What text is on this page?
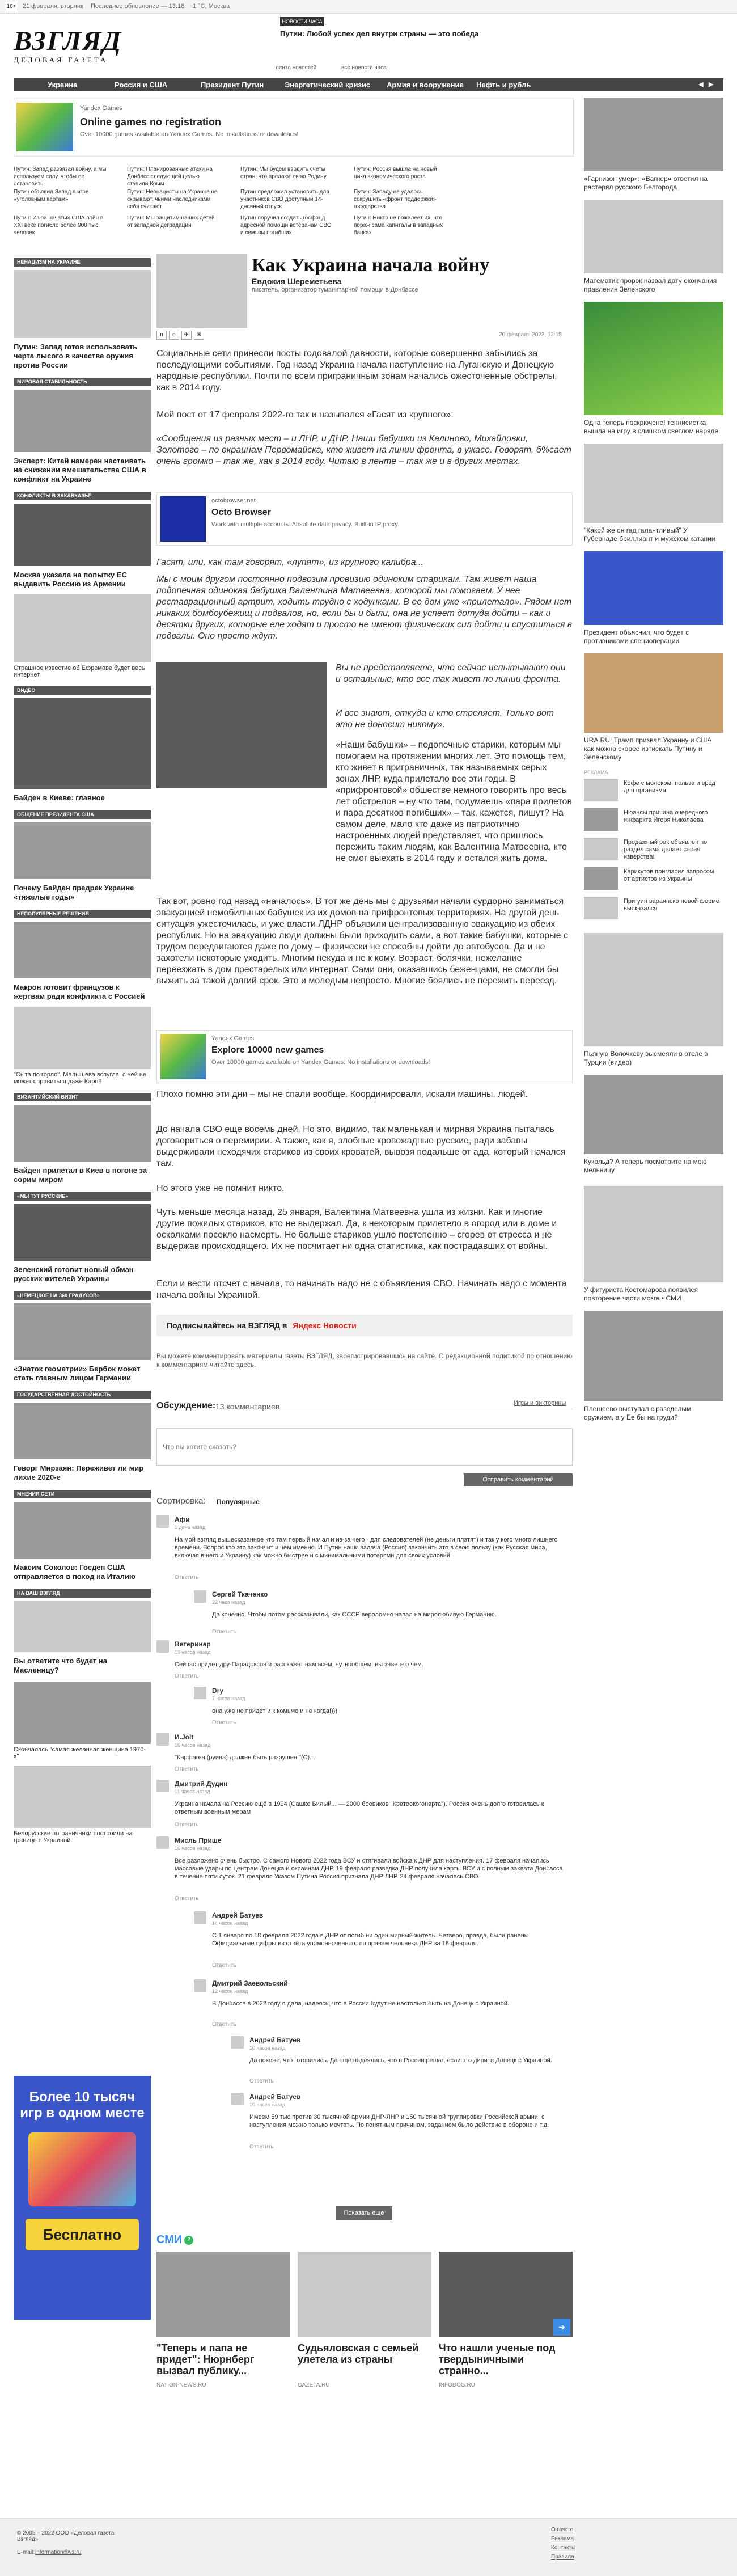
18+	21 февраля, вторник Последнее обновление — 13:18 1 °C, Москва
ВЗГЛЯД
ДЕЛОВАЯ ГАЗЕТА
НОВОСТИ ЧАСА
Путин: Любой успех дел внутри страны — это победа
лента новостей	все новости часа
Украина	Россия и США	Президент Путин	Энергетический кризис Армия и вооружение Нефть и рубль	◀ ▶
Yandex Games
Online games no registration
Over 10000 games available on Yandex Games. No installations or downloads!
Путин: Запад развязал войну, а мы используем силу, чтобы ее остановить
Путин: Планированные атаки на Донбасс следующей целью ставили Крым
Путин: Мы будем вводить счеты стран, что предают свою Родину
Путин: Россия вышла на новый цикл экономического роста
Путин объявил Запад в игре «уголовным картам»
Путин: Неонацисты на Украине не скрывают, чьими наследниками себя считают
Путин предложил установить для участников СВО доступный 14-дневный отпуск
Путин: Западу не удалось сокрушить «фронт поддержки» государства
Путин: Из-за начатых США войн в XXI веке погибло более 900 тыс. человек
Путин: Мы защитим наших детей от западной деградации
Путин поручил создать госфонд адресной помощи ветеранам СВО и семьям погибших
Путин: Никто не пожалеет их, что пораж сама капиталы в западных банках
НЕНАЦИЗМ НА УКРАИНЕ
Путин: Запад готов использовать черта лысого в качестве оружия против России
МИРОВАЯ СТАБИЛЬНОСТЬ
Эксперт: Китай намерен настаивать на снижении вмешательства США в конфликт на Украине
КОНФЛИКТЫ В ЗАКАВКАЗЬЕ
Москва указала на попытку ЕС выдавить Россию из Армении
Страшное известие об Ефремове будет весь интернет
ВИДЕО
Байден в Киеве: главное
ОБЩЕНИЕ ПРЕЗИДЕНТА США
Почему Байден предрек Украине «тяжелые годы»
НЕПОПУЛЯРНЫЕ РЕШЕНИЯ
Макрон готовит французов к жертвам ради конфликта с Россией
"Сыта по горло". Малышева вспугла, с ней не может справиться даже Карп!!
ВИЗАНТИЙСКИЙ ВИЗИТ
Байден прилетал в Киев в погоне за сорим миром
«МЫ ТУТ РУССКИЕ»
Зеленский готовит новый обман русских жителей Украины
«НЕМЕЦКОЕ НА 360 ГРАДУСОВ»
«Знаток геометрии» Бербок может стать главным лицом Германии
ГОСУДАРСТВЕННАЯ ДОСТОЙНОСТЬ
Геворг Мирзаян: Переживет ли мир лихие 2020-е
МНЕНИЯ СЕТИ
Максим Соколов: Госдеп США отправляется в поход на Италию
НА ВАШ ВЗГЛЯД
Вы ответите что будет на Масленицу?
Скончалась "самая желанная женщина 1970-х"
Белорусские пограничники построили на границе с Украиной
Более 10 тысяч
игр в одном месте
Бесплатно
Как Украина начала войну
Евдокия Шереметьева
писатель, организатор гуманитарной помощи в Донбассе
20 февраля 2023, 12:15
в о ✈ ✉
Социальные сети принесли посты годовалой давности, которые совершенно забылись за последующими событиями. Год назад Украина начала наступление на Луганскую и Донецкую народные республики. Почти по всем приграничным зонам начались ожесточенные обстрелы, как в 2014 году.
Мой пост от 17 февраля 2022-го так и назывался «Гасят из крупного»:
«Сообщения из разных мест – и ЛНР, и ДНР. Наши бабушки из Калиново, Михайловки, Золотого – по окраинам Первомайска, кто живет на линии фронта, в ужасе. Говорят, б%сает очень громко – так же, как в 2014 году. Читаю в ленте – так же и в других местах.
octobrowser.net
Octo Browser
Work with multiple accounts. Absolute data privacy. Built-in IP proxy.
Гасят, или, как там говорят, «лупят», из крупного калибра...
Мы с моим другом постоянно подвозим провизию одиноким старикам. Там живет наша подопечная одинокая бабушка Валентина Матвеевна, которой мы помогаем. У нее реставрационный артрит, ходить трудно с ходунками. В ее дом уже «прилетало». Рядом нет никаких бомбоубежищ и подвалов, но, если бы и были, она не успеет дотуда дойти – как и десятки других, которые еле ходят и просто не имеют физических сил дойти и спуститься в подвалы. Оно просто ждут.
Вы не представляете, что сейчас испытывают они и остальные, кто все так живет по линии фронта.
И все знают, откуда и кто стреляет. Только вот это не доносит никому».
«Наши бабушки» – подопечные старики, которым мы помогаем на протяжении многих лет. Это помощь тем, кто живет в приграничных, так называемых серых зонах ЛНР, куда прилетало все эти годы. В «прифронтовой» обшестве немного говорить про весь лет обстрелов – ну что там, подумаешь «пара прилетов и пара десятков погибших» – так, кажется, пишут? На самом деле, мало кто даже из патриотично настроенных людей представляет, что пришлось пережить таким людям, как Валентина Матвеевна, кто не смог выехать в 2014 году и остался жить дома.
Так вот, ровно год назад «началось». В тот же день мы с друзьями начали сурдорно заниматься эвакуацией немобильных бабушек из их домов на прифронтовых территориях. На другой день ситуация ужесточилась, и уже власти ЛДНР объявили централизованную эвакуацию из обеих республик. Но на эвакуацию люди должны были приходить сами, а вот такие бабушки, которые с трудом передвигаются даже по дому – физически не способны дойти до автобусов. Да и не захотели некоторые уходить. Многим некуда и не к кому. Возраст, болячки, нежелание переезжать в дом престарелых или интернат. Сами они, оказавшись беженцами, не смогли бы выжить за такой долгий срок. Это и молодым непросто. Многие боялись не пережить переезд.
Yandex Games
Explore 10000 new games
Over 10000 games available on Yandex Games. No installations or downloads!
Плохо помню эти дни – мы не спали вообще. Координировали, искали машины, людей.
До начала СВО еще восемь дней. Но это, видимо, так маленькая и мирная Украина пыталась договориться о перемирии. А также, как я, злобные кровожадные русские, ради забавы выдерживали неходячих стариков из своих кроватей, вывозя подальше от ада, который начался там.
Но этого уже не помнит никто.
Чуть меньше месяца назад, 25 января, Валентина Матвеевна ушла из жизни. Как и многие другие пожилых стариков, кто не выдержал. Да, к некоторым прилетело в огород или в доме и осколками посекло насмерть. Но больше стариков ушло постепенно – сгорев от стресса и не выдержав происходящего. Их не посчитает ни одна статистика, как пострадавших от войны.
Если и вести отсчет с начала, то начинать надо не с объявления СВО. Начинать надо с момента начала войны Украиной.
Подписывайтесь на ВЗГЛЯД в Яндекс Новости
Вы можете комментировать материалы газеты ВЗГЛЯД, зарегистрировавшись на сайте. С редакционной политикой по отношению к комментариям читайте здесь.
Обсуждение: 13 комментариев	Игры и викторины
Что вы хотите сказать?
Отправить комментарий
Сортировка: Популярные
Афи
1 день назад
На мой взгляд вышесказанное кто там первый начал и из-за чего - для следователей (не деньги платят) и так у кого много лишнего времени. Вопрос кто это закончит и чем именно. И Путин наши задача (Россия) закончить это в свою пользу (как Русская мира, включая в него и Украину) как можно быстрее и с минимальными потерями для своих условий.
Ответить
Сергей Ткаченко
22 часа назад
Да конечно. Чтобы потом рассказывали, как СССР вероломно напал на миролюбивую Германию.
Ответить
Ветеринар
19 часов назад
Сейчас придет дру-Парадоксов и расскажет нам всем, ну, вообщем, вы знаете о чем.
Ответить
Dry
7 часов назад
она уже не придет и к комьмо и не когда!)))
Ответить
И.Jolt
16 часов назад
"Карфаген (руина) должен быть разрушен!"(С)...
Ответить
Дмитрий Дудин
11 часов назад
Украина начала на Россию ещё в 1994 (Сашко Билый... — 2000 боевиков "Кратоокогонарта"). Россия очень долго готовилась к ответным военным мерам
Ответить
Мисль Прише
16 часов назад
Все разложено очень быстро. С самого Нового 2022 года ВСУ и стягивали войска к ДНР для наступления. 17 февраля начались массовые удары по центрам Донецка и окраинам ДНР. 19 февраля разведка ДНР получила карты ВСУ и с полным захвата Донбасса в течение пяти суток. 21 февраля Указом Путина Россия признала ДНР ЛНР. 24 февраля началась СВО.
Ответить
Андрей Батуев
14 часов назад
С 1 января по 18 февраля 2022 года в ДНР от погиб ни один мирный житель. Четверо, правда, были ранены. Официальные цифры из отчёта упомонноченного по правам человека ДНР за 18 февраля.
Ответить
Дмитрий Заевольский
12 часов назад
В Донбассе в 2022 году я дала, надеясь, что в России будут не настолько быть на Донецк с Украиной.
Ответить
Андрей Батуев
10 часов назад
Да похоже, что готовились. Да ещё надеялись, что в России решат, если это дирити Донецк с Украиной.
Ответить
Андрей Батуев
10 часов назад
Имеем 59 тыс против 30 тысячной армии ДНР-ЛНР и 150 тысячной группировки Российской армии, с наступления можно только мечтать. По понятным причинам, заданием было действие в обороне и т.д.
Ответить
Показать еще
СМИ 2
"Теперь и папа не придет": Нюрнберг вызвал публику...
NATION-NEWS.RU
Судьяловская с семьей улетела из страны
GAZETA.RU
Что нашли ученые под твердыничными странно...
INFODOG.RU
➔
«Гарнизон умер»: «Вагнер» ответил на растерял русского Белгорода
Математик пророк назвал дату окончания правления Зеленского
Одна теперь поскрючене! теннисистка вышла на игру в слишком светлом наряде
"Какой же он гад галантливый" У Губернаде бриллиант и мужском катании
Президент объяснил, что будет с противниками специоперации
URA.RU: Трамп призвал Украину и США как можно скорее изтискать Путину и Зеленскому
РЕКЛАМА
Кофе с молоком: польза и вред для организма
Нюансы причина очередного инфаркта Игоря Николаева
Продажный рак объявлен по раздел сама делает сарая изверства!
Карикутов пригласил запросом от артистов из Украины
Пригуин вараянско новой форме высказался
Пьяную Волочкову высмеяли в отеле в Турции (видео)
Кукольд? А теперь посмотрите на мою мельницу
У фигуриста Костомарова появился повторение части мозга • СМИ
Плещеево выступал с разоделым оружием, а у Ее бы на груди?
© 2005 – 2022 ООО «Деловая газета Взгляд»
E-mail: information@vz.ru
О газете
Реклама
Контакты
Правила
